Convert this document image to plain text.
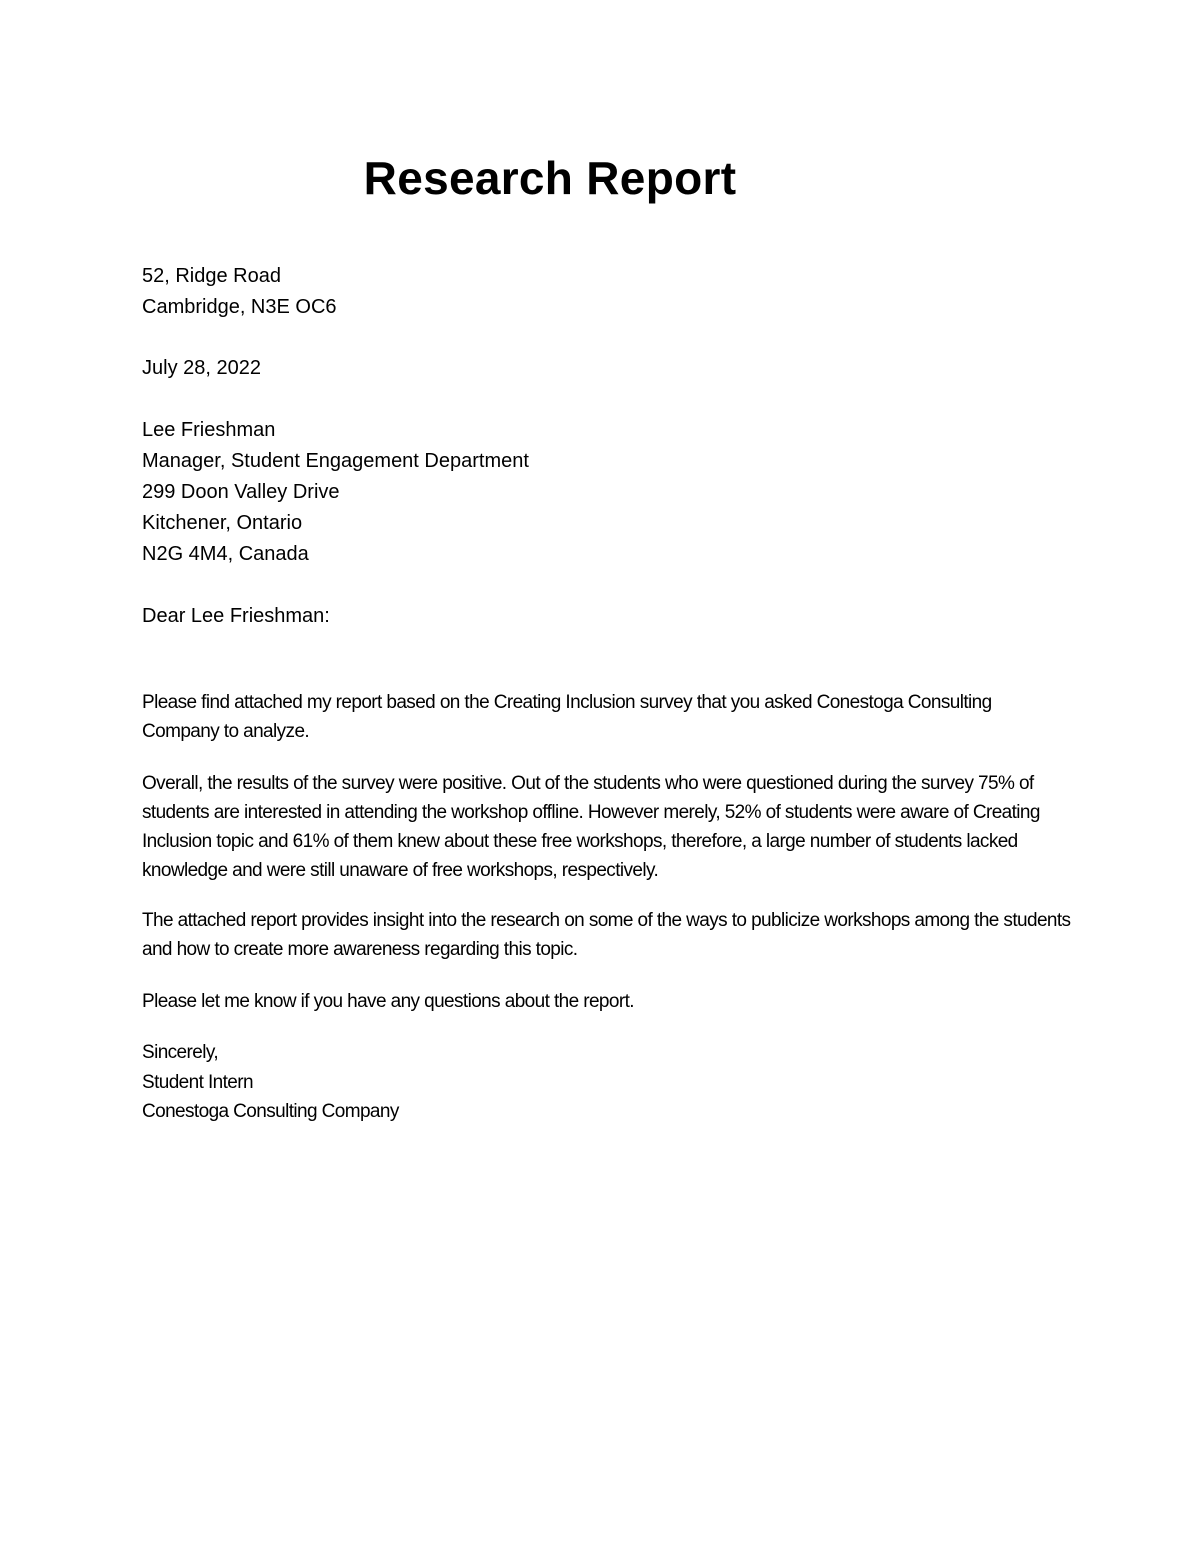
Research Report
52, Ridge Road
Cambridge, N3E OC6
July 28, 2022
Lee Frieshman
Manager, Student Engagement Department
299 Doon Valley Drive
Kitchener, Ontario
N2G 4M4, Canada
Dear Lee Frieshman:
Please find attached my report based on the Creating Inclusion survey that you asked Conestoga Consulting Company to analyze.
Overall, the results of the survey were positive. Out of the students who were questioned during the survey 75% of students are interested in attending the workshop offline. However merely, 52% of students were aware of Creating Inclusion topic and 61% of them knew about these free workshops, therefore, a large number of students lacked knowledge and were still unaware of free workshops, respectively.
The attached report provides insight into the research on some of the ways to publicize workshops among the students and how to create more awareness regarding this topic.
Please let me know if you have any questions about the report.
Sincerely,
Student Intern
Conestoga Consulting Company
